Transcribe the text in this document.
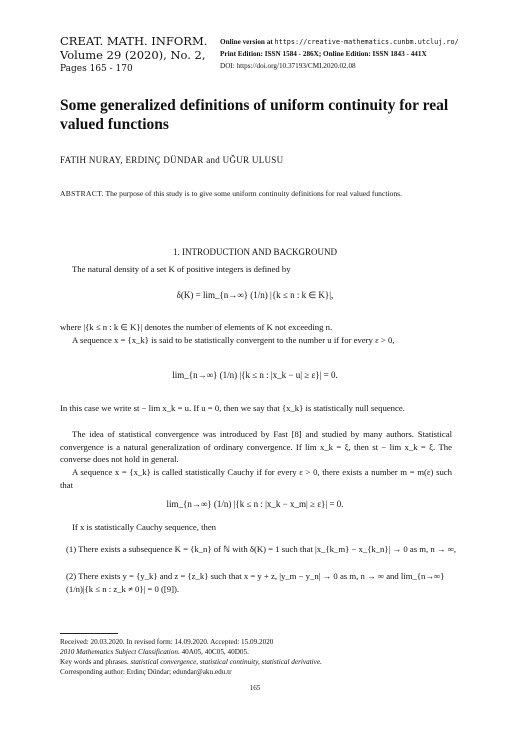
CREAT. MATH. INFORM.
Volume 29 (2020), No. 2,
Pages 165 - 170
Online version at https://creative-mathematics.cunbm.utcluj.ro/
Print Edition: ISSN 1584 - 286X; Online Edition: ISSN 1843 - 441X
DOI: https://doi.org/10.37193/CMI.2020.02.08
Some generalized definitions of uniform continuity for real valued functions
FATIH NURAY, ERDINÇ DÜNDAR and UĞUR ULUSU
ABSTRACT. The purpose of this study is to give some uniform continuity definitions for real valued functions.
1. INTRODUCTION AND BACKGROUND
The natural density of a set K of positive integers is defined by
δ(K) = lim_{n→∞} (1/n) |{k ≤ n : k ∈ K}|,
where |{k ≤ n : k ∈ K}| denotes the number of elements of K not exceeding n.
A sequence x = {x_k} is said to be statistically convergent to the number u if for every ε > 0,
lim_{n→∞} (1/n) |{k ≤ n : |x_k − u| ≥ ε}| = 0.
In this case we write st − lim x_k = u. If u = 0, then we say that {x_k} is statistically null sequence.
The idea of statistical convergence was introduced by Fast [8] and studied by many authors. Statistical convergence is a natural generalization of ordinary convergence. If lim x_k = ξ, then st − lim x_k = ξ. The converse does not hold in general.
A sequence x = {x_k} is called statistically Cauchy if for every ε > 0, there exists a number m = m(ε) such that
lim_{n→∞} (1/n) |{k ≤ n : |x_k − x_m| ≥ ε}| = 0.
If x is statistically Cauchy sequence, then
(1) There exists a subsequence K = {k_n} of ℕ with δ(K) = 1 such that |x_{k_m} − x_{k_n}| → 0 as m, n → ∞,
(2) There exists y = {y_k} and z = {z_k} such that x = y + z, |y_m − y_n| → 0 as m, n → ∞ and lim_{n→∞} (1/n)|{k ≤ n : z_k ≠ 0}| = 0 ([9]).
Received: 20.03.2020. In revised form: 14.09.2020. Accepted: 15.09.2020
2010 Mathematics Subject Classification. 40A05, 40C05, 40D05.
Key words and phrases. statistical convergence, statistical continuity, statistical derivative.
Corresponding author: Erdinç Dündar; edundar@aku.edu.tr
165
